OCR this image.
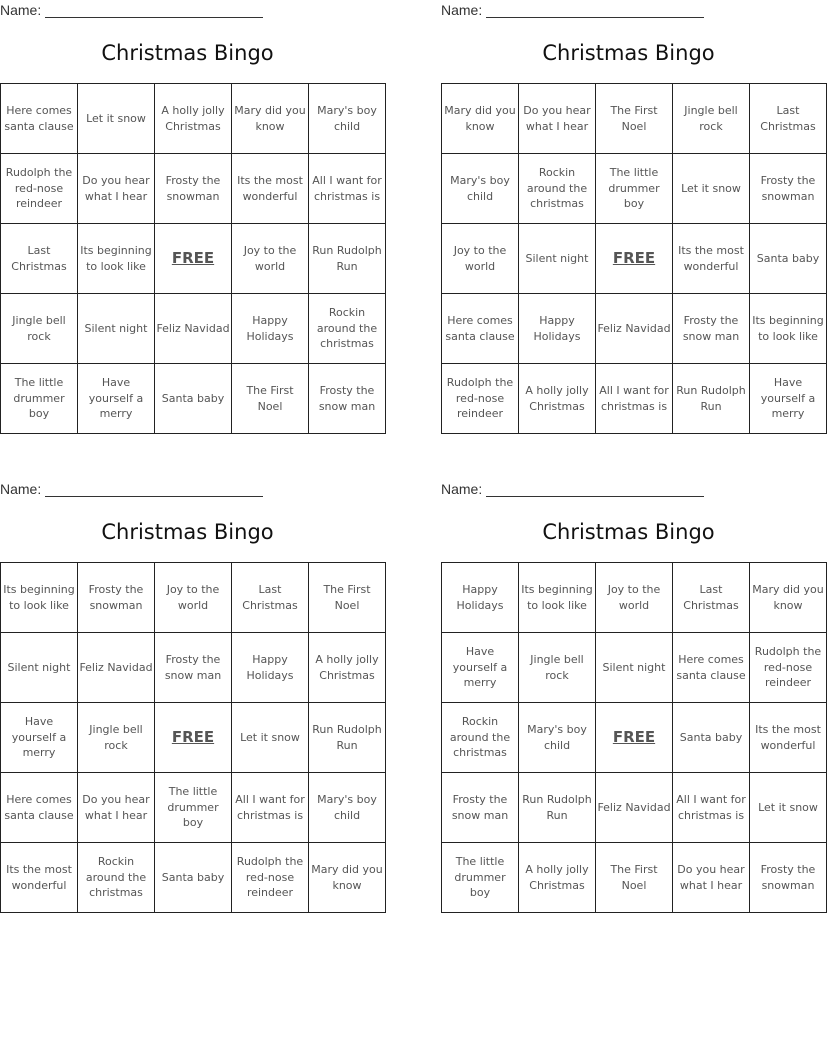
Name:
Christmas Bingo
Here comes santa clause	Let it snow	A holly jolly Christmas	Mary did you know	Mary's boy child
Rudolph the red-nose reindeer	Do you hear what I hear	Frosty the snowman	Its the most wonderful	All I want for christmas is
Last Christmas	Its beginning to look like	FREE	Joy to the world	Run Rudolph Run
Jingle bell rock	Silent night	Feliz Navidad	Happy Holidays	Rockin around the christmas
The little drummer boy	Have yourself a merry	Santa baby	The First Noel	Frosty the snow man
Name:
Christmas Bingo
Mary did you know	Do you hear what I hear	The First Noel	Jingle bell rock	Last Christmas
Mary's boy child	Rockin around the christmas	The little drummer boy	Let it snow	Frosty the snowman
Joy to the world	Silent night	FREE	Its the most wonderful	Santa baby
Here comes santa clause	Happy Holidays	Feliz Navidad	Frosty the snow man	Its beginning to look like
Rudolph the red-nose reindeer	A holly jolly Christmas	All I want for christmas is	Run Rudolph Run	Have yourself a merry
Name:
Christmas Bingo
Its beginning to look like	Frosty the snowman	Joy to the world	Last Christmas	The First Noel
Silent night	Feliz Navidad	Frosty the snow man	Happy Holidays	A holly jolly Christmas
Have yourself a merry	Jingle bell rock	FREE	Let it snow	Run Rudolph Run
Here comes santa clause	Do you hear what I hear	The little drummer boy	All I want for christmas is	Mary's boy child
Its the most wonderful	Rockin around the christmas	Santa baby	Rudolph the red-nose reindeer	Mary did you know
Name:
Christmas Bingo
Happy Holidays	Its beginning to look like	Joy to the world	Last Christmas	Mary did you know
Have yourself a merry	Jingle bell rock	Silent night	Here comes santa clause	Rudolph the red-nose reindeer
Rockin around the christmas	Mary's boy child	FREE	Santa baby	Its the most wonderful
Frosty the snow man	Run Rudolph Run	Feliz Navidad	All I want for christmas is	Let it snow
The little drummer boy	A holly jolly Christmas	The First Noel	Do you hear what I hear	Frosty the snowman
